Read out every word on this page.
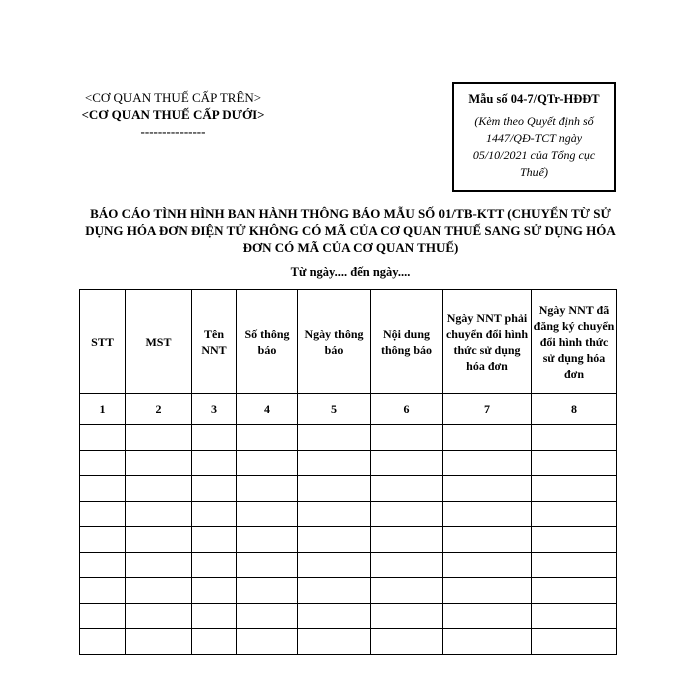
<CƠ QUAN THUẾ CẤP TRÊN>
<CƠ QUAN THUẾ CẤP DƯỚI>
---------------
Mẫu số 04-7/QTr-HĐĐT
(Kèm theo Quyết định số 1447/QĐ-TCT ngày 05/10/2021 của Tổng cục Thuế)
BÁO CÁO TÌNH HÌNH BAN HÀNH THÔNG BÁO MẪU SỐ 01/TB-KTT (CHUYỂN TỪ SỬ DỤNG HÓA ĐƠN ĐIỆN TỬ KHÔNG CÓ MÃ CỦA CƠ QUAN THUẾ SANG SỬ DỤNG HÓA ĐƠN CÓ MÃ CỦA CƠ QUAN THUẾ)
Từ ngày.... đến ngày....
STT	MST	Tên NNT	Số thông báo	Ngày thông báo	Nội dung thông báo	Ngày NNT phải chuyển đổi hình thức sử dụng hóa đơn	Ngày NNT đã đăng ký chuyển đổi hình thức sử dụng hóa đơn
1	2	3	4	5	6	7	8
